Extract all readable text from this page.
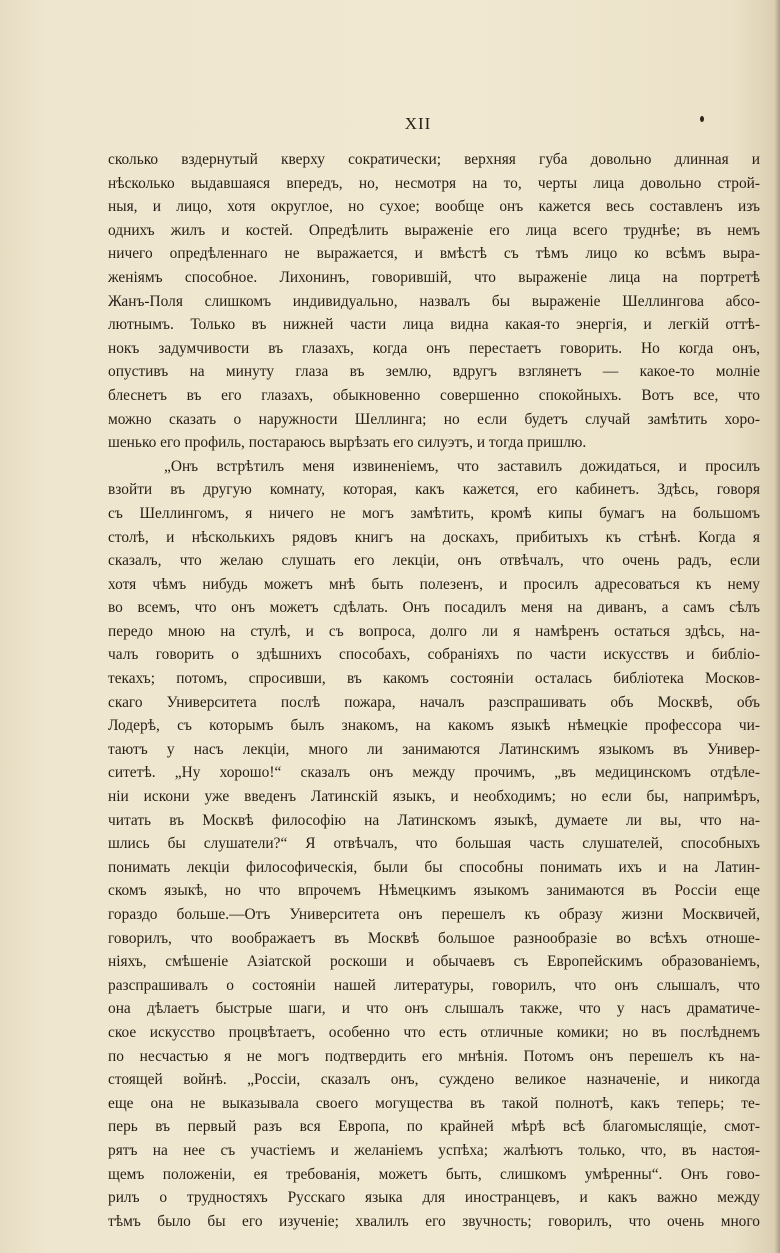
XII
сколько вздернутый кверху сократически; верхняя губа довольно длинная и
нѣсколько выдавшаяся впередъ, но, несмотря на то, черты лица довольно строй-
ныя, и лицо, хотя округлое, но сухое; вообще онъ кажется весь составленъ изъ
однихъ жилъ и костей. Опредѣлить выраженіе его лица всего труднѣе; въ немъ
ничего опредѣленнаго не выражается, и вмѣстѣ съ тѣмъ лицо ко всѣмъ выра-
женіямъ способное. Лихонинъ, говорившій, что выраженіе лица на портретѣ
Жанъ-Поля слишкомъ индивидуально, назвалъ бы выраженіе Шеллингова абсо-
лютнымъ. Только въ нижней части лица видна какая-то энергія, и легкій оттѣ-
нокъ задумчивости въ глазахъ, когда онъ перестаетъ говорить. Но когда онъ,
опустивъ на минуту глаза въ землю, вдругъ взглянетъ — какое-то молніе
блеснетъ въ его глазахъ, обыкновенно совершенно спокойныхъ. Вотъ все, что
можно сказать о наружности Шеллинга; но если будетъ случай замѣтить хоро-
шенько его профиль, постараюсь вырѣзать его силуэтъ, и тогда пришлю.
„Онъ встрѣтилъ меня извиненіемъ, что заставилъ дожидаться, и просилъ
взойти въ другую комнату, которая, какъ кажется, его кабинетъ. Здѣсь, говоря
съ Шеллингомъ, я ничего не могъ замѣтить, кромѣ кипы бумагъ на большомъ
столѣ, и нѣсколькихъ рядовъ книгъ на доскахъ, прибитыхъ къ стѣнѣ. Когда я
сказалъ, что желаю слушать его лекціи, онъ отвѣчалъ, что очень радъ, если
хотя чѣмъ нибудь можетъ мнѣ быть полезенъ, и просилъ адресоваться къ нему
во всемъ, что онъ можетъ сдѣлать. Онъ посадилъ меня на диванъ, а самъ сѣлъ
передо мною на стулѣ, и съ вопроса, долго ли я намѣренъ остаться здѣсь, на-
чалъ говорить о здѣшнихъ способахъ, собраніяхъ по части искусствъ и библіо-
текахъ; потомъ, спросивши, въ какомъ состояніи осталась библіотека Москов-
скаго Университета послѣ пожара, началъ разспрашивать объ Москвѣ, объ
Лодерѣ, съ которымъ былъ знакомъ, на какомъ языкѣ нѣмецкіе профессора чи-
таютъ у насъ лекціи, много ли занимаются Латинскимъ языкомъ въ Универ-
ситетѣ. „Ну хорошо!“ сказалъ онъ между прочимъ, „въ медицинскомъ отдѣле-
ніи искони уже введенъ Латинскій языкъ, и необходимъ; но если бы, напримѣръ,
читать въ Москвѣ философію на Латинскомъ языкѣ, думаете ли вы, что на-
шлись бы слушатели?“ Я отвѣчалъ, что большая часть слушателей, способныхъ
понимать лекціи философическія, были бы способны понимать ихъ и на Латин-
скомъ языкѣ, но что впрочемъ Нѣмецкимъ языкомъ занимаются въ Россіи еще
гораздо больше.—Отъ Университета онъ перешелъ къ образу жизни Москвичей,
говорилъ, что воображаетъ въ Москвѣ большое разнообразіе во всѣхъ отноше-
ніяхъ, смѣшеніе Азіатской роскоши и обычаевъ съ Европейскимъ образованіемъ,
разспрашивалъ о состояніи нашей литературы, говорилъ, что онъ слышалъ, что
она дѣлаетъ быстрые шаги, и что онъ слышалъ также, что у насъ драматиче-
ское искусство процвѣтаетъ, особенно что есть отличные комики; но въ послѣднемъ
по несчастью я не могъ подтвердить его мнѣнія. Потомъ онъ перешелъ къ на-
стоящей войнѣ. „Россіи, сказалъ онъ, суждено великое назначеніе, и никогда
еще она не выказывала своего могущества въ такой полнотѣ, какъ теперь; те-
перь въ первый разъ вся Европа, по крайней мѣрѣ всѣ благомыслящіе, смот-
рятъ на нее съ участіемъ и желаніемъ успѣха; жалѣютъ только, что, въ настоя-
щемъ положеніи, ея требованія, можетъ быть, слишкомъ умѣренны“. Онъ гово-
рилъ о трудностяхъ Русскаго языка для иностранцевъ, и какъ важно между
тѣмъ было бы его изученіе; хвалилъ его звучность; говорилъ, что очень много
